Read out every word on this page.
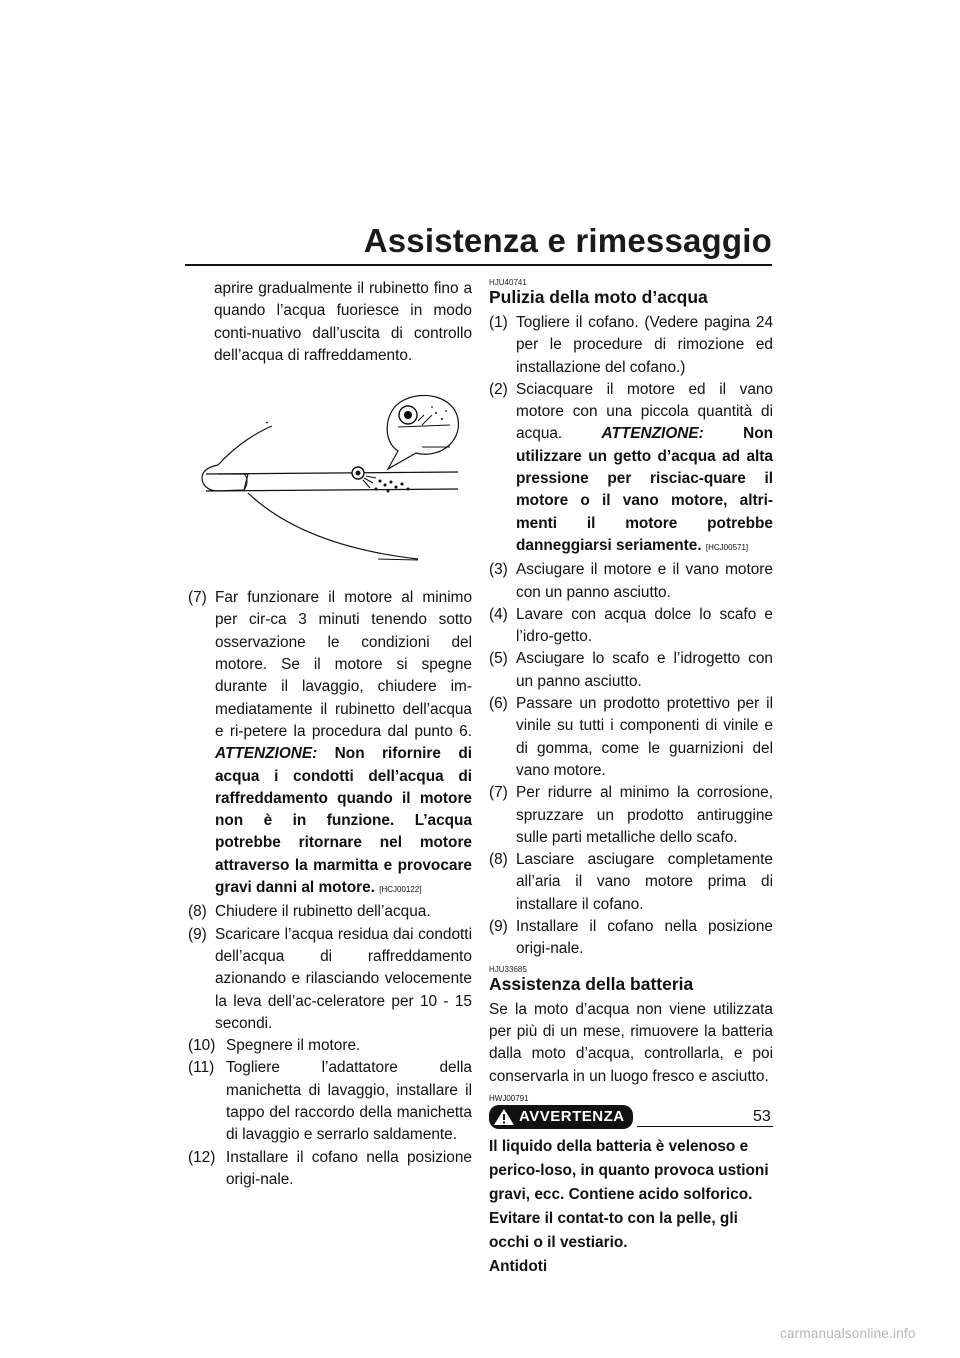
Assistenza e rimessaggio

aprire gradualmente il rubinetto fino a quando l’acqua fuoriesce in modo conti-nuativo dall’uscita di controllo dell’acqua di raffreddamento.

(7) Far funzionare il motore al minimo per cir-ca 3 minuti tenendo sotto osservazione le condizioni del motore. Se il motore si spegne durante il lavaggio, chiudere im-mediatamente il rubinetto dell’acqua e ri-petere la procedura dal punto 6. ATTENZIONE: Non rifornire di acqua i condotti dell’acqua di raffreddamento quando il motore non è in funzione. L’acqua potrebbe ritornare nel motore attraverso la marmitta e provocare gravi danni al motore. [HCJ00122]
(8) Chiudere il rubinetto dell’acqua.
(9) Scaricare l’acqua residua dai condotti dell’acqua di raffreddamento azionando e rilasciando velocemente la leva dell’ac-celeratore per 10 - 15 secondi.
(10) Spegnere il motore.
(11) Togliere l’adattatore della manichetta di lavaggio, installare il tappo del raccordo della manichetta di lavaggio e serrarlo saldamente.
(12) Installare il cofano nella posizione origi-nale.
HJU40741
Pulizia della moto d’acqua
(1) Togliere il cofano. (Vedere pagina 24 per le procedure di rimozione ed installazione del cofano.)
(2) Sciacquare il motore ed il vano motore con una piccola quantità di acqua.	ATTENZIONE:	Non utilizzare un getto d’acqua ad alta pressione per risciac-quare il motore o il vano motore, altri-menti il motore potrebbe danneggiarsi seriamente. [HCJ00571]
(3) Asciugare il motore e il vano motore con un panno asciutto.
(4) Lavare con acqua dolce lo scafo e l’idro-getto.
(5) Asciugare lo scafo e l’idrogetto con un panno asciutto.
(6) Passare un prodotto protettivo per il vinile su tutti i componenti di vinile e di gomma, come le guarnizioni del vano motore.
(7) Per ridurre al minimo la corrosione, spruzzare un prodotto antiruggine sulle parti metalliche dello scafo.
(8) Lasciare asciugare completamente all’aria il vano motore prima di installare il cofano.
(9) Installare il cofano nella posizione origi-nale.
HJU33685
Assistenza della batteria

Se la moto d’acqua non viene utilizzata per più di un mese, rimuovere la batteria dalla moto d’acqua, controllarla, e poi conservarla in un luogo fresco e asciutto.

HWJ00791
AVVERTENZA

Il liquido della batteria è velenoso e perico-loso, in quanto provoca ustioni gravi, ecc. Contiene acido solforico. Evitare il contat-to con la pelle, gli occhi o il vestiario.

Antidoti

53
carmanualsonline.info
